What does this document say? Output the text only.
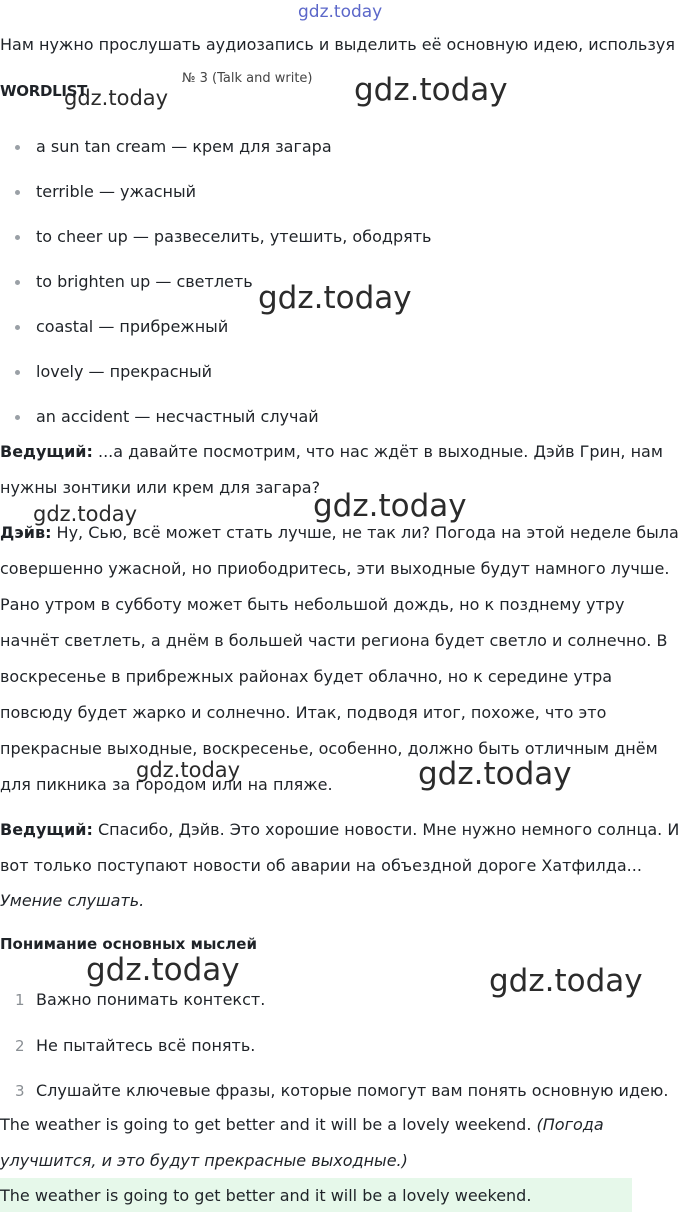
gdz.today
gdz.today	gdz.today
gdz.today
gdz.today	gdz.today
gdz.today	gdz.today
gdz.today	gdz.today
Нам нужно прослушать аудиозапись и выделить её основную идею, используя
№ 3 (Talk and write)
WORDLIST
a sun tan cream — крем для загара
terrible — ужасный
to cheer up — развеселить, утешить, ободрять
to brighten up — светлеть
coastal — прибрежный
lovely — прекрасный
an accident — несчастный случай
Ведущий: ...а давайте посмотрим, что нас ждёт в выходные. Дэйв Грин, нам
нужны зонтики или крем для загара?
Дэйв: Ну, Сью, всё может стать лучше, не так ли? Погода на этой неделе была
совершенно ужасной, но приободритесь, эти выходные будут намного лучше.
Рано утром в субботу может быть небольшой дождь, но к позднему утру
начнёт светлеть, а днём в большей части региона будет светло и солнечно. В
воскресенье в прибрежных районах будет облачно, но к середине утра
повсюду будет жарко и солнечно. Итак, подводя итог, похоже, что это
прекрасные выходные, воскресенье, особенно, должно быть отличным днём
для пикника за городом или на пляже.
Ведущий: Спасибо, Дэйв. Это хорошие новости. Мне нужно немного солнца. И
вот только поступают новости об аварии на объездной дороге Хатфилда...
Умение слушать.
Понимание основных мыслей
1 Важно понимать контекст.
2 Не пытайтесь всё понять.
3 Слушайте ключевые фразы, которые помогут вам понять основную идею.
The weather is going to get better and it will be a lovely weekend. (Погода
улучшится, и это будут прекрасные выходные.)
The weather is going to get better and it will be a lovely weekend.
